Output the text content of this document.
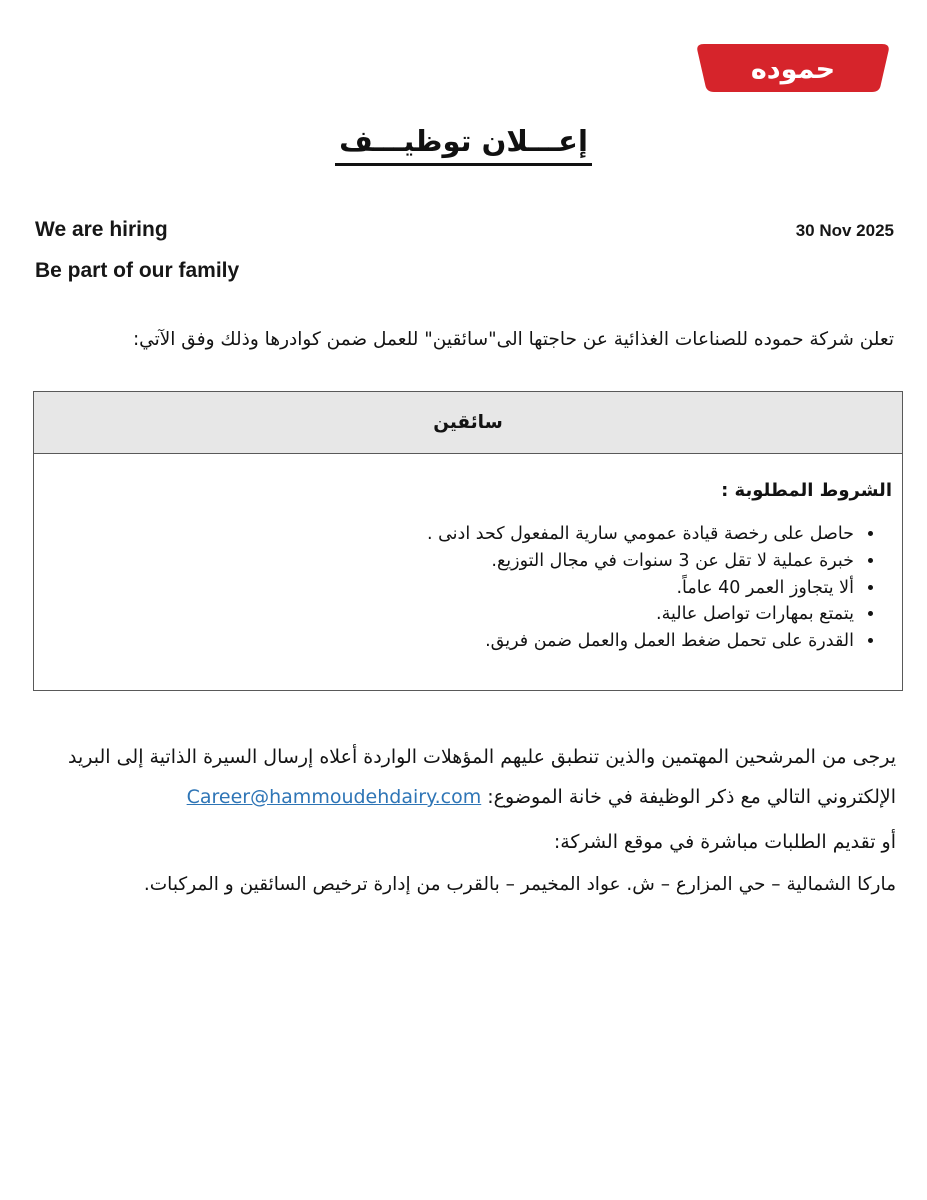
حموده
إعـــلان توظيـــف
We are hiring	30 Nov 2025
Be part of our family

تعلن شركة حموده للصناعات الغذائية عن حاجتها الى"سائقين" للعمل ضمن كوادرها وذلك وفق الآتي:

سائقين
الشروط المطلوبة :
• حاصل على رخصة قيادة عمومي سارية المفعول كحد ادنى .
• خبرة عملية لا تقل عن 3 سنوات في مجال التوزيع.
• ألا يتجاوز العمر 40 عاماً.
• يتمتع بمهارات تواصل عالية.
• القدرة على تحمل ضغط العمل والعمل ضمن فريق.

يرجى من المرشحين المهتمين والذين تنطبق عليهم المؤهلات الواردة أعلاه إرسال السيرة الذاتية إلى البريد الإلكتروني التالي مع ذكر الوظيفة في خانة الموضوع: Career@hammoudehdairy.com

أو تقديم الطلبات مباشرة في موقع الشركة:

ماركا الشمالية – حي المزارع – ش. عواد المخيمر – بالقرب من إدارة ترخيص السائقين و المركبات.
